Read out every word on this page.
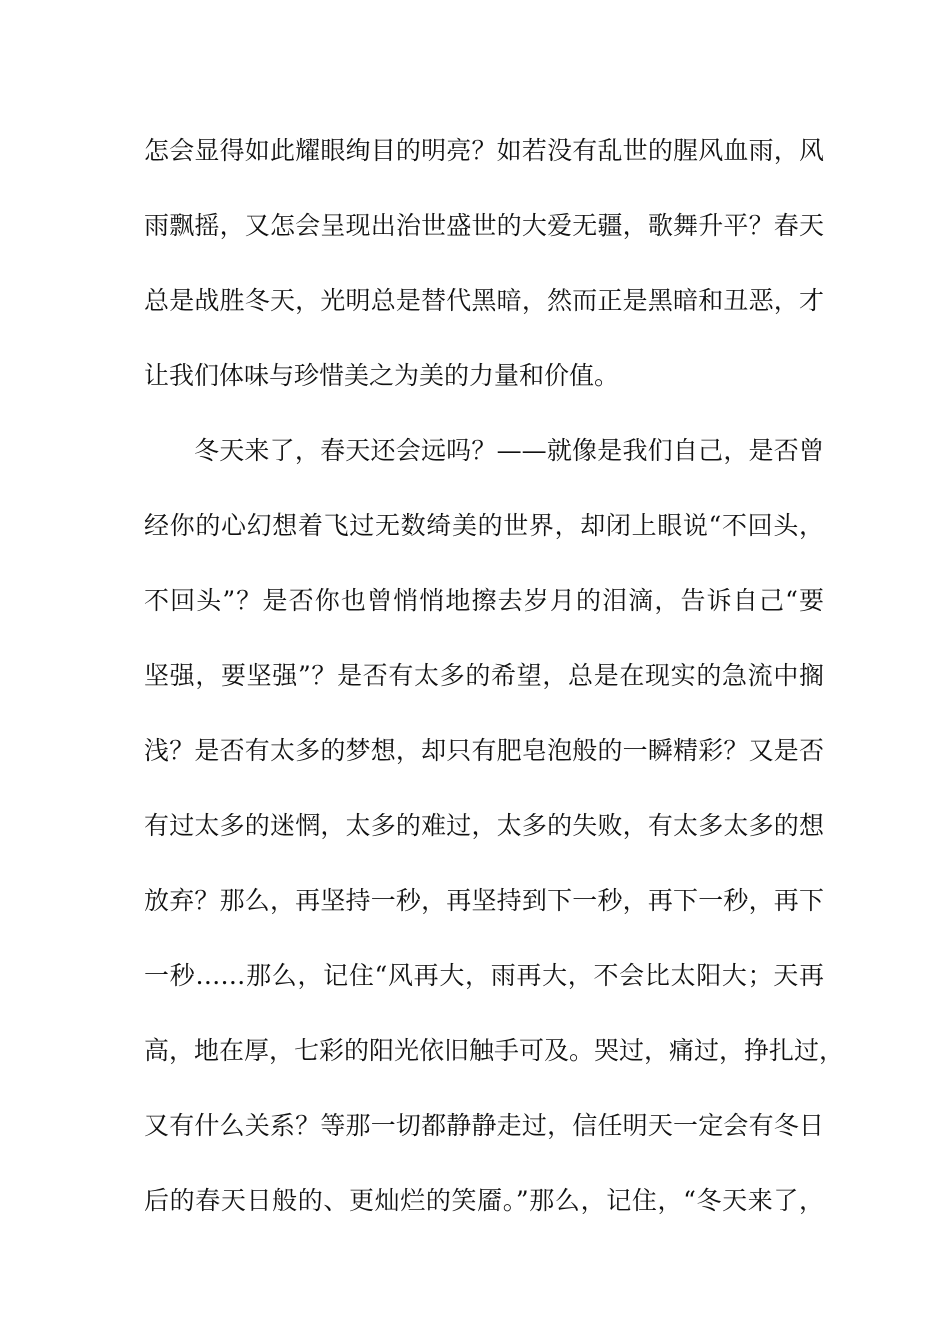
怎会显得如此耀眼绚目的明亮？如若没有乱世的腥风血雨，风
雨飘摇，又怎会呈现出治世盛世的大爱无疆，歌舞升平？春天
总是战胜冬天，光明总是替代黑暗，然而正是黑暗和丑恶，才
让我们体味与珍惜美之为美的力量和价值。
冬天来了，春天还会远吗？——就像是我们自己，是否曾
经你的心幻想着飞过无数绮美的世界，却闭上眼说“不回头，
不回头”？是否你也曾悄悄地擦去岁月的泪滴，告诉自己“要
坚强，要坚强”？是否有太多的希望，总是在现实的急流中搁
浅？是否有太多的梦想，却只有肥皂泡般的一瞬精彩？又是否
有过太多的迷惘，太多的难过，太多的失败，有太多太多的想
放弃？那么，再坚持一秒，再坚持到下一秒，再下一秒，再下
一秒……那么，记住“风再大，雨再大，不会比太阳大；天再
高，地在厚，七彩的阳光依旧触手可及。哭过，痛过，挣扎过，
又有什么关系？等那一切都静静走过，信任明天一定会有冬日
后的春天日般的、更灿烂的笑靥。”那么，记住，“冬天来了，
